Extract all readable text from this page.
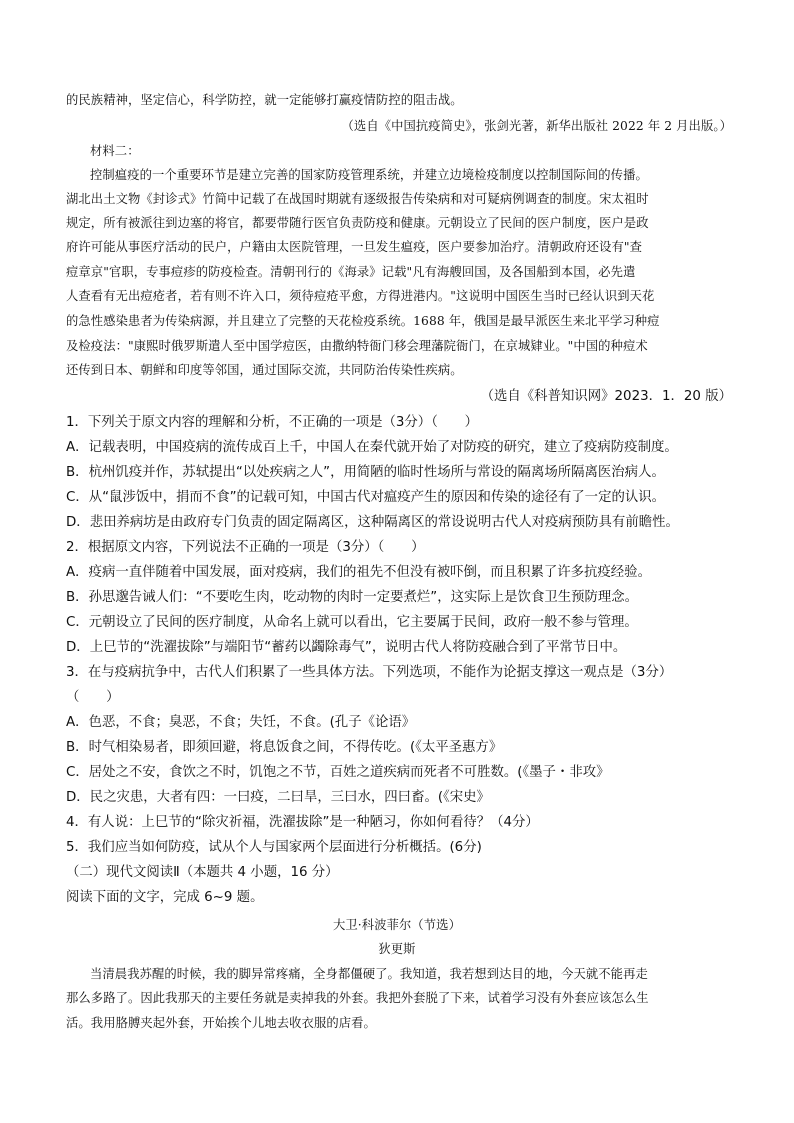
的民族精神，坚定信心，科学防控，就一定能够打赢疫情防控的阻击战。
（选自《中国抗疫简史》，张剑光著，新华出版社 2022 年 2 月出版。）
材料二：
控制瘟疫的一个重要环节是建立完善的国家防疫管理系统，并建立边境检疫制度以控制国际间的传播。
湖北出土文物《封诊式》竹简中记载了在战国时期就有逐级报告传染病和对可疑病例调查的制度。宋太祖时
规定，所有被派往到边塞的将官，都要带随行医官负责防疫和健康。元朝设立了民间的医户制度，医户是政
府许可能从事医疗活动的民户，户籍由太医院管理，一旦发生瘟疫，医户要参加治疗。清朝政府还设有"查
痘章京"官职，专事痘疹的防疫检查。清朝刊行的《海录》记载"凡有海艘回国，及各国船到本国，必先遣
人查看有无出痘疮者，若有则不许入口，须待痘疮平愈，方得进港内。"这说明中国医生当时已经认识到天花
的急性感染患者为传染病源，并且建立了完整的天花检疫系统。1688 年，俄国是最早派医生来北平学习种痘
及检疫法："康熙时俄罗斯遣人至中国学痘医，由撒纳特衙门移会理藩院衙门，在京城肄业。"中国的种痘术
还传到日本、朝鲜和印度等邻国，通过国际交流，共同防治传染性疾病。
（选自《科普知识网》2023．1．20 版）
1．下列关于原文内容的理解和分析，不正确的一项是（3分）（　　）
A．记载表明，中国疫病的流传成百上千，中国人在秦代就开始了对防疫的研究，建立了疫病防疫制度。
B．杭州饥疫并作，苏轼提出“以处疾病之人”，用简陋的临时性场所与常设的隔离场所隔离医治病人。
C．从“鼠涉饭中，捐而不食”的记载可知，中国古代对瘟疫产生的原因和传染的途径有了一定的认识。
D．悲田养病坊是由政府专门负责的固定隔离区，这种隔离区的常设说明古代人对疫病预防具有前瞻性。
2．根据原文内容，下列说法不正确的一项是（3分）（　　）
A．疫病一直伴随着中国发展，面对疫病，我们的祖先不但没有被吓倒，而且积累了许多抗疫经验。
B．孙思邈告诫人们：“不要吃生肉，吃动物的肉时一定要煮烂”，这实际上是饮食卫生预防理念。
C．元朝设立了民间的医疗制度，从命名上就可以看出，它主要属于民间，政府一般不参与管理。
D．上巳节的“洗濯拔除”与端阳节“蓄药以蠲除毒气”，说明古代人将防疫融合到了平常节日中。
3．在与疫病抗争中，古代人们积累了一些具体方法。下列选项，不能作为论据支撑这一观点是（3分）
（　　）
A．色恶，不食；臭恶，不食；失饪，不食。(孔子《论语》
B．时气相染易者，即须回避，将息饭食之间，不得传吃。(《太平圣惠方》
C．居处之不安，食饮之不时，饥饱之不节，百姓之道疾病而死者不可胜数。(《墨子・非攻》
D．民之灾患，大者有四：一曰疫，二曰旱，三曰水，四曰畜。(《宋史》
4．有人说：上巳节的“除灾祈福，洗濯拔除”是一种陋习，你如何看待？（4分）
5．我们应当如何防疫，试从个人与国家两个层面进行分析概括。(6分)
（二）现代文阅读Ⅱ（本题共 4 小题，16 分）
阅读下面的文字，完成 6~9 题。
大卫·科波菲尔（节选）
狄更斯
当清晨我苏醒的时候，我的脚异常疼痛，全身都僵硬了。我知道，我若想到达目的地，今天就不能再走
那么多路了。因此我那天的主要任务就是卖掉我的外套。我把外套脱了下来，试着学习没有外套应该怎么生
活。我用胳膊夹起外套，开始挨个儿地去收衣服的店看。
